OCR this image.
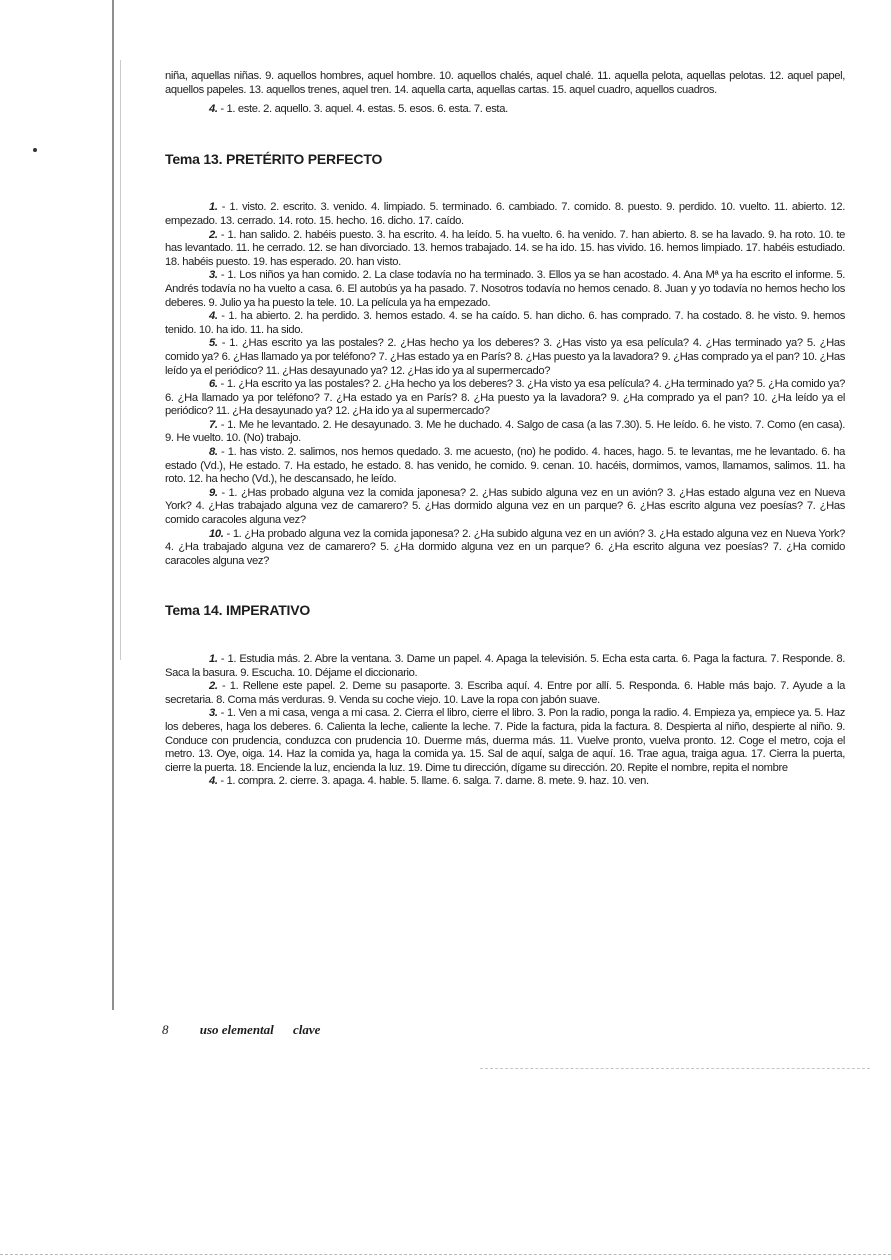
niña, aquellas niñas. 9. aquellos hombres, aquel hombre. 10. aquellos chalés, aquel chalé. 11. aquella pelota, aquellas pelotas. 12. aquel papel, aquellos papeles. 13. aquellos trenes, aquel tren. 14. aquella carta, aquellas cartas. 15. aquel cuadro, aquellos cuadros.

4. - 1. este. 2. aquello. 3. aquel. 4. estas. 5. esos. 6. esta. 7. esta.

Tema 13. PRETÉRITO PERFECTO

1. - 1. visto. 2. escrito. 3. venido. 4. limpiado. 5. terminado. 6. cambiado. 7. comido. 8. puesto. 9. perdido. 10. vuelto. 11. abierto. 12. empezado. 13. cerrado. 14. roto. 15. hecho. 16. dicho. 17. caído.

2. - 1. han salido. 2. habéis puesto. 3. ha escrito. 4. ha leído. 5. ha vuelto. 6. ha venido. 7. han abierto. 8. se ha lavado. 9. ha roto. 10. te has levantado. 11. he cerrado. 12. se han divorciado. 13. hemos trabajado. 14. se ha ido. 15. has vivido. 16. hemos limpiado. 17. habéis estudiado. 18. habéis puesto. 19. has esperado. 20. han visto.

3. - 1. Los niños ya han comido. 2. La clase todavía no ha terminado. 3. Ellos ya se han acostado. 4. Ana Mª ya ha escrito el informe. 5. Andrés todavía no ha vuelto a casa. 6. El autobús ya ha pasado. 7. Nosotros todavía no hemos cenado. 8. Juan y yo todavía no hemos hecho los deberes. 9. Julio ya ha puesto la tele. 10. La película ya ha empezado.

4. - 1. ha abierto. 2. ha perdido. 3. hemos estado. 4. se ha caído. 5. han dicho. 6. has comprado. 7. ha costado. 8. he visto. 9. hemos tenido. 10. ha ido. 11. ha sido.

5. - 1. ¿Has escrito ya las postales? 2. ¿Has hecho ya los deberes? 3. ¿Has visto ya esa película? 4. ¿Has terminado ya? 5. ¿Has comido ya? 6. ¿Has llamado ya por teléfono? 7. ¿Has estado ya en París? 8. ¿Has puesto ya la lavadora? 9. ¿Has comprado ya el pan? 10. ¿Has leído ya el periódico? 11. ¿Has desayunado ya? 12. ¿Has ido ya al supermercado?

6. - 1. ¿Ha escrito ya las postales? 2. ¿Ha hecho ya los deberes? 3. ¿Ha visto ya esa película? 4. ¿Ha terminado ya? 5. ¿Ha comido ya? 6. ¿Ha llamado ya por teléfono? 7. ¿Ha estado ya en París? 8. ¿Ha puesto ya la lavadora? 9. ¿Ha comprado ya el pan? 10. ¿Ha leído ya el periódico? 11. ¿Ha desayunado ya? 12. ¿Ha ido ya al supermercado?

7. - 1. Me he levantado. 2. He desayunado. 3. Me he duchado. 4. Salgo de casa (a las 7.30). 5. He leído. 6. he visto. 7. Como (en casa). 9. He vuelto. 10. (No) trabajo.

8. - 1. has visto. 2. salimos, nos hemos quedado. 3. me acuesto, (no) he podido. 4. haces, hago. 5. te levantas, me he levantado. 6. ha estado (Vd.), He estado. 7. Ha estado, he estado. 8. has venido, he comido. 9. cenan. 10. hacéis, dormimos, vamos, llamamos, salimos. 11. ha roto. 12. ha hecho (Vd.), he descansado, he leído.

9. - 1. ¿Has probado alguna vez la comida japonesa? 2. ¿Has subido alguna vez en un avión? 3. ¿Has estado alguna vez en Nueva York? 4. ¿Has trabajado alguna vez de camarero? 5. ¿Has dormido alguna vez en un parque? 6. ¿Has escrito alguna vez poesías? 7. ¿Has comido caracoles alguna vez?

10. - 1. ¿Ha probado alguna vez la comida japonesa? 2. ¿Ha subido alguna vez en un avión? 3. ¿Ha estado alguna vez en Nueva York? 4. ¿Ha trabajado alguna vez de camarero? 5. ¿Ha dormido alguna vez en un parque? 6. ¿Ha escrito alguna vez poesías? 7. ¿Ha comido caracoles alguna vez?

Tema 14. IMPERATIVO

1. - 1. Estudia más. 2. Abre la ventana. 3. Dame un papel. 4. Apaga la televisión. 5. Echa esta carta. 6. Paga la factura. 7. Responde. 8. Saca la basura. 9. Escucha. 10. Déjame el diccionario.

2. - 1. Rellene este papel. 2. Deme su pasaporte. 3. Escriba aquí. 4. Entre por allí. 5. Responda. 6. Hable más bajo. 7. Ayude a la secretaria. 8. Coma más verduras. 9. Venda su coche viejo. 10. Lave la ropa con jabón suave.

3. - 1. Ven a mi casa, venga a mi casa. 2. Cierra el libro, cierre el libro. 3. Pon la radio, ponga la radio. 4. Empieza ya, empiece ya. 5. Haz los deberes, haga los deberes. 6. Calienta la leche, caliente la leche. 7. Pide la factura, pida la factura. 8. Despierta al niño, despierte al niño. 9. Conduce con prudencia, conduzca con prudencia 10. Duerme más, duerma más. 11. Vuelve pronto, vuelva pronto. 12. Coge el metro, coja el metro. 13. Oye, oiga. 14. Haz la comida ya, haga la comida ya. 15. Sal de aquí, salga de aquí. 16. Trae agua, traiga agua. 17. Cierra la puerta, cierre la puerta. 18. Enciende la luz, encienda la luz. 19. Dime tu dirección, dígame su dirección. 20. Repite el nombre, repita el nombre

4. - 1. compra. 2. cierre. 3. apaga. 4. hable. 5. llame. 6. salga. 7. dame. 8. mete. 9. haz. 10. ven.

8 uso elemental clave
